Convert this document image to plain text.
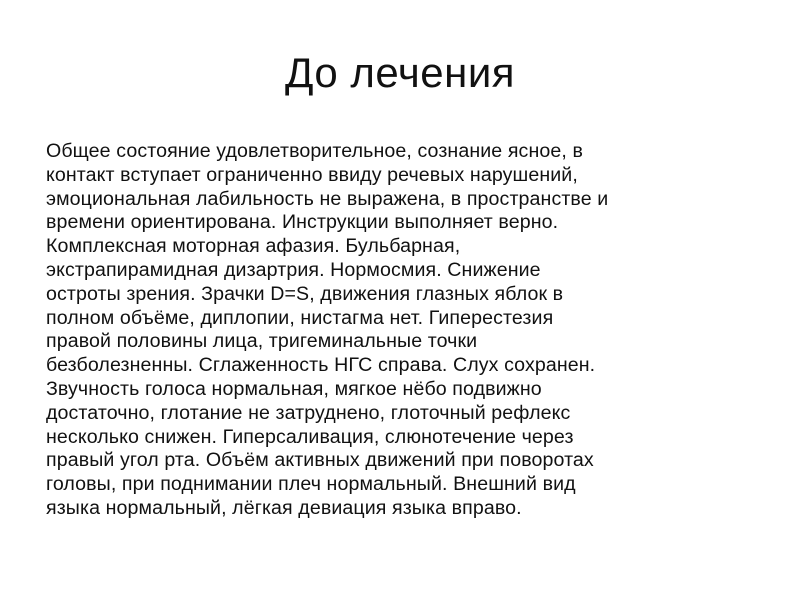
До лечения

Общее состояние удовлетворительное, сознание ясное, в
контакт вступает ограниченно ввиду речевых нарушений,
эмоциональная лабильность не выражена, в пространстве и
времени ориентирована. Инструкции выполняет верно.
Комплексная моторная афазия. Бульбарная,
экстрапирамидная дизартрия. Нормосмия. Снижение
остроты зрения. Зрачки D=S, движения глазных яблок в
полном объёме, диплопии, нистагма нет. Гиперестезия
правой половины лица, тригеминальные точки
безболезненны. Сглаженность НГС справа. Слух сохранен.
Звучность голоса нормальная, мягкое нёбо подвижно
достаточно, глотание не затруднено, глоточный рефлекс
несколько снижен. Гиперсаливация, слюнотечение через
правый угол рта. Объём активных движений при поворотах
головы, при поднимании плеч нормальный. Внешний вид
языка нормальный, лёгкая девиация языка вправо.
